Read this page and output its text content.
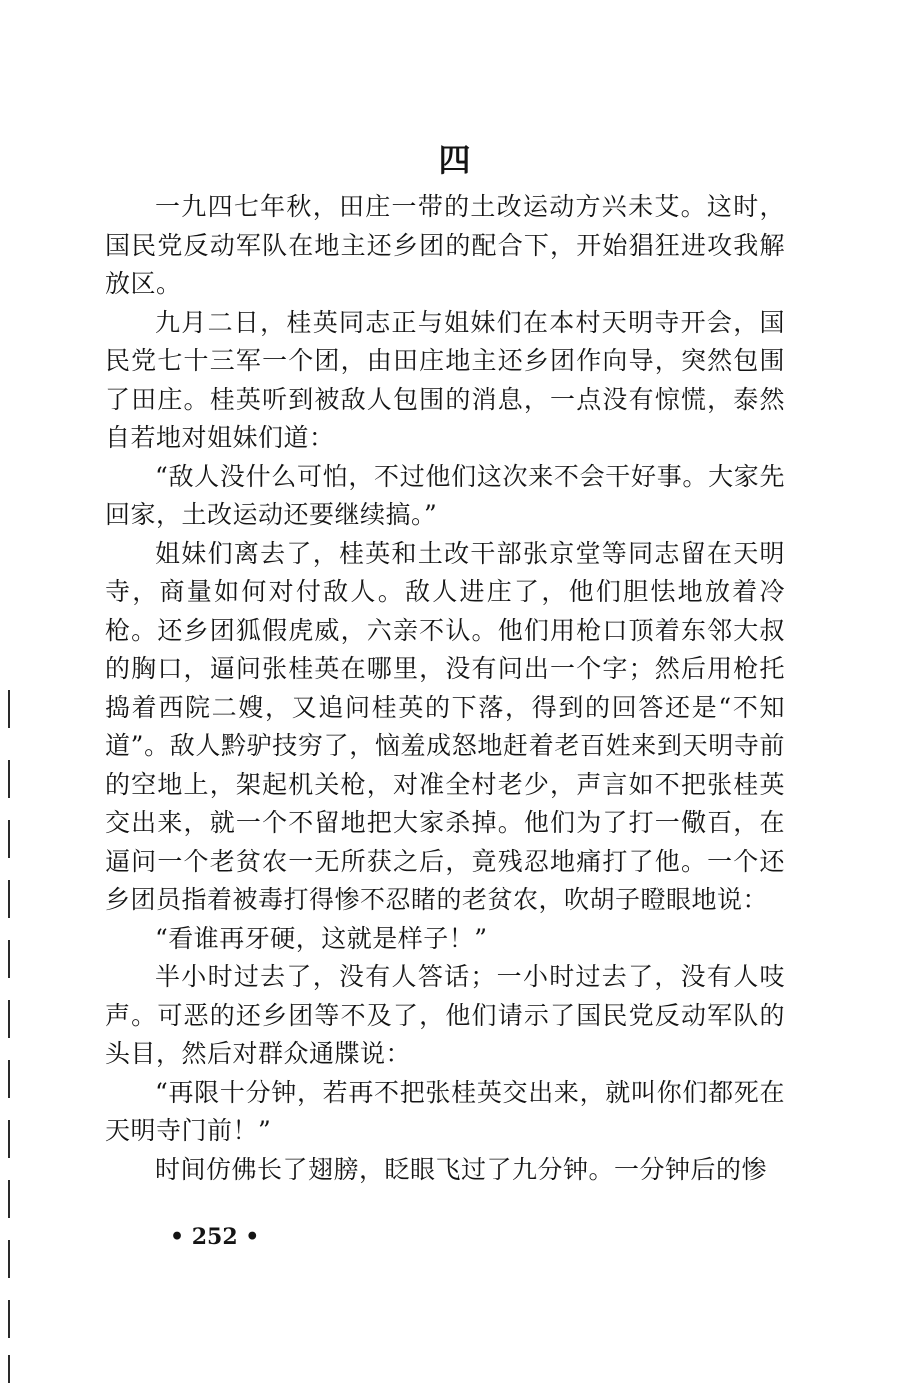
四

一九四七年秋，田庄一带的土改运动方兴未艾。这时，国民党反动军队在地主还乡团的配合下，开始猖狂进攻我解放区。

九月二日，桂英同志正与姐妹们在本村天明寺开会，国民党七十三军一个团，由田庄地主还乡团作向导，突然包围了田庄。桂英听到被敌人包围的消息，一点没有惊慌，泰然自若地对姐妹们道：

“敌人没什么可怕，不过他们这次来不会干好事。大家先回家，土改运动还要继续搞。”

姐妹们离去了，桂英和土改干部张京堂等同志留在天明寺，商量如何对付敌人。敌人进庄了，他们胆怯地放着冷枪。还乡团狐假虎威，六亲不认。他们用枪口顶着东邻大叔的胸口，逼问张桂英在哪里，没有问出一个字；然后用枪托捣着西院二嫂，又追问桂英的下落，得到的回答还是“不知道”。敌人黔驴技穷了，恼羞成怒地赶着老百姓来到天明寺前的空地上，架起机关枪，对准全村老少，声言如不把张桂英交出来，就一个不留地把大家杀掉。他们为了打一儆百，在逼问一个老贫农一无所获之后，竟残忍地痛打了他。一个还乡团员指着被毒打得惨不忍睹的老贫农，吹胡子瞪眼地说：

“看谁再牙硬，这就是样子！”

半小时过去了，没有人答话；一小时过去了，没有人吱声。可恶的还乡团等不及了，他们请示了国民党反动军队的头目，然后对群众通牒说：

“再限十分钟，若再不把张桂英交出来，就叫你们都死在天明寺门前！”

时间仿佛长了翅膀，眨眼飞过了九分钟。一分钟后的惨

• 252 •
